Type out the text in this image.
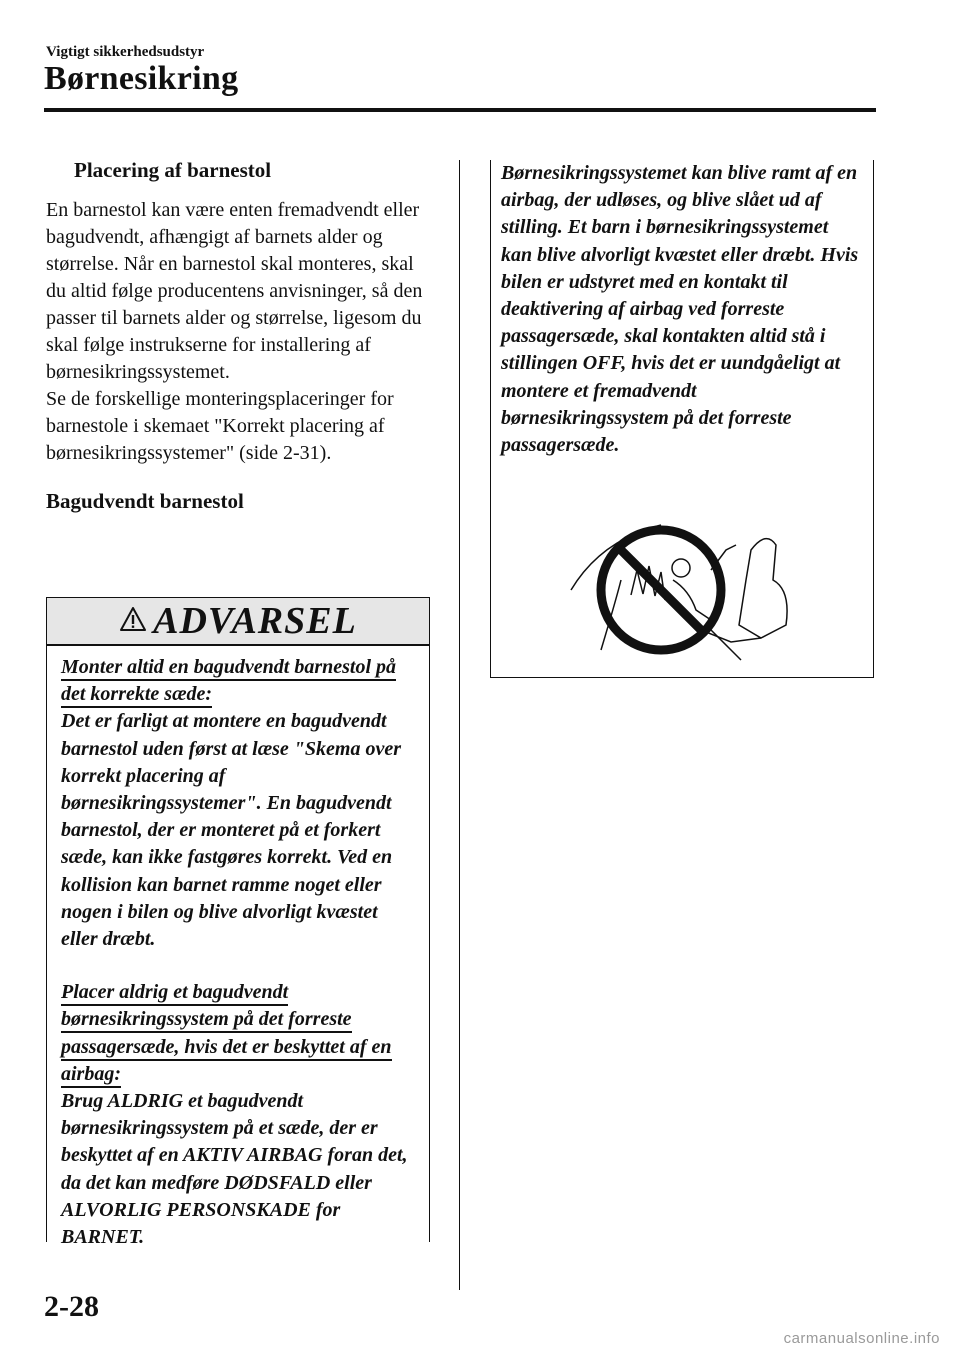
Vigtigt sikkerhedsudstyr
Børnesikring
Placering af barnestol

En barnestol kan være enten fremadvendt eller bagudvendt, afhængigt af barnets alder og størrelse. Når en barnestol skal monteres, skal du altid følge producentens anvisninger, så den passer til barnets alder og størrelse, ligesom du skal følge instrukserne for installering af børnesikringssystemet.

Se de forskellige monteringsplaceringer for barnestole i skemaet "Korrekt placering af børnesikringssystemer" (side 2-31).

Bagudvendt barnestol
ADVARSEL
Monter altid en bagudvendt barnestol på det korrekte sæde:
Det er farligt at montere en bagudvendt barnestol uden først at læse "Skema over korrekt placering af børnesikringssystemer". En bagudvendt barnestol, der er monteret på et forkert sæde, kan ikke fastgøres korrekt. Ved en kollision kan barnet ramme noget eller nogen i bilen og blive alvorligt kvæstet eller dræbt.
Placer aldrig et bagudvendt børnesikringssystem på det forreste passagersæde, hvis det er beskyttet af en airbag:
Brug ALDRIG et bagudvendt børnesikringssystem på et sæde, der er beskyttet af en AKTIV AIRBAG foran det, da det kan medføre DØDSFALD eller ALVORLIG PERSONSKADE for BARNET.
Børnesikringssystemet kan blive ramt af en airbag, der udløses, og blive slået ud af stilling. Et barn i børnesikringssystemet kan blive alvorligt kvæstet eller dræbt. Hvis bilen er udstyret med en kontakt til deaktivering af airbag ved forreste passagersæde, skal kontakten altid stå i stillingen OFF, hvis det er uundgåeligt at montere et fremadvendt børnesikringssystem på det forreste passagersæde.
2-28
carmanualsonline.info
